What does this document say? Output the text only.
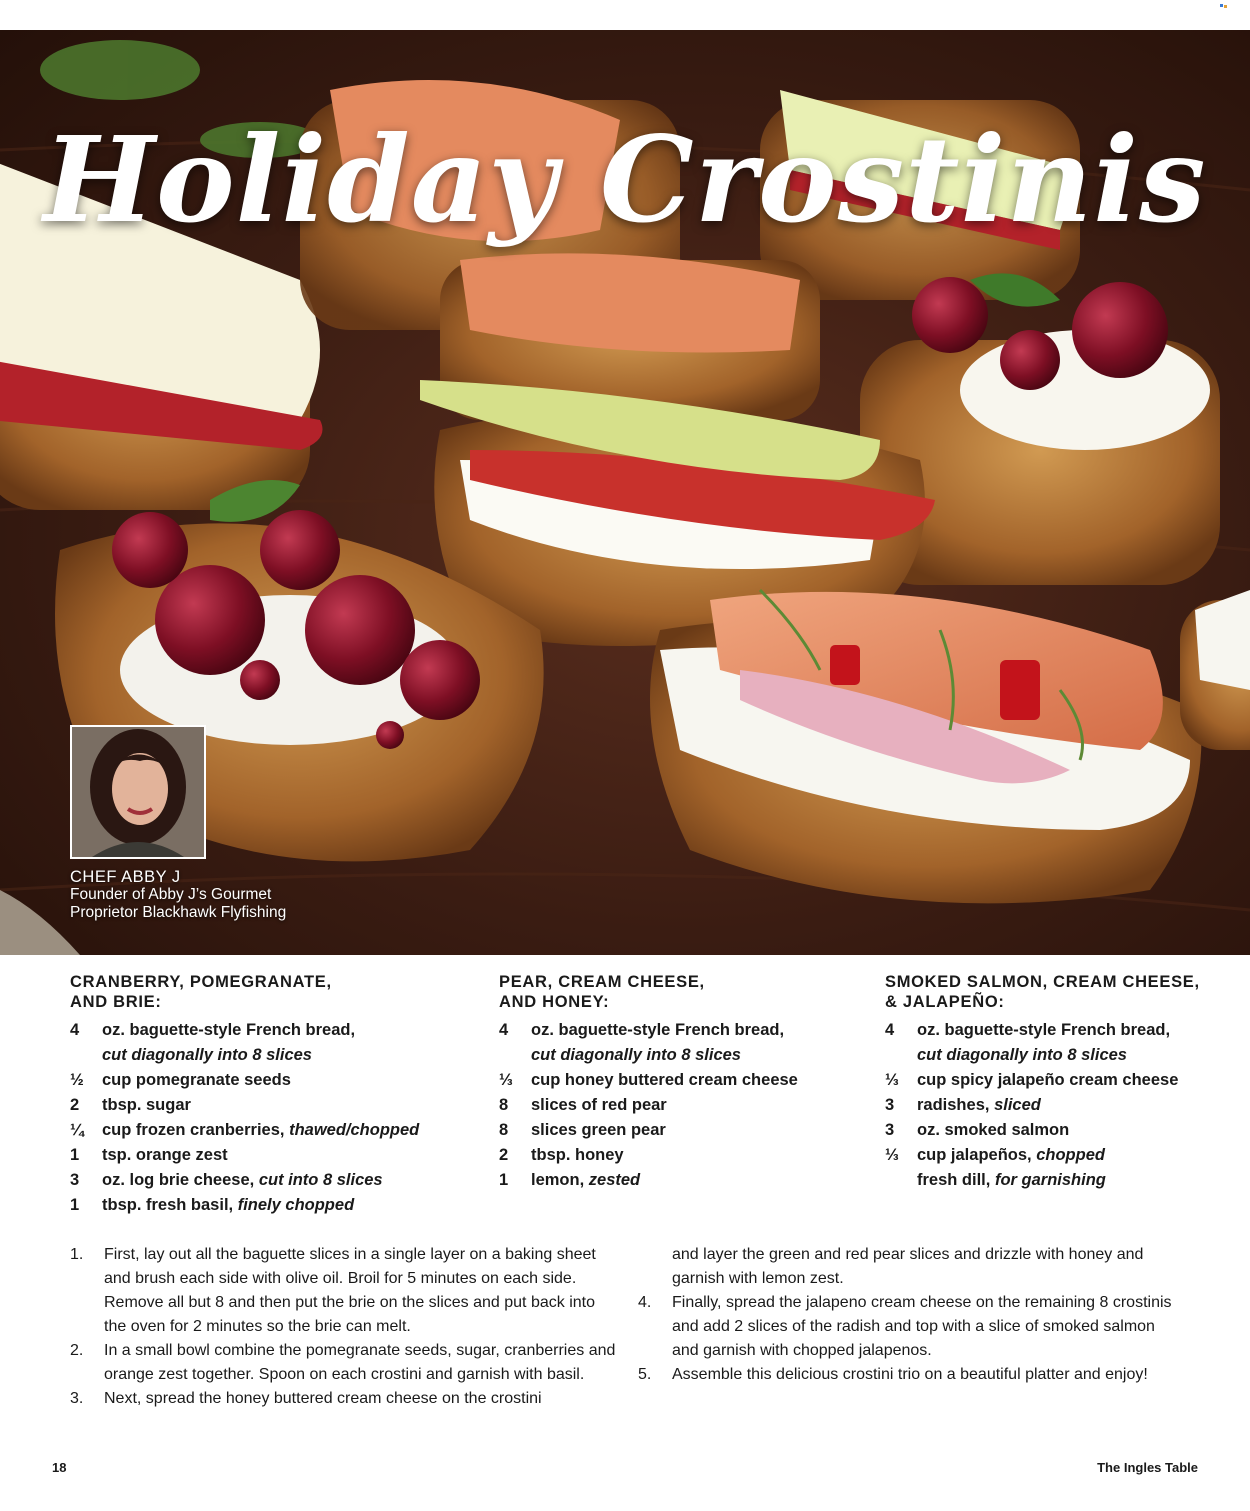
Holiday Crostinis
CHEF ABBY J
Founder of Abby J’s Gourmet
Proprietor Blackhawk Flyfishing
CRANBERRY, POMEGRANATE,
AND BRIE:
4	oz. baguette-style French bread,
cut diagonally into 8 slices
½	cup pomegranate seeds
2	tbsp. sugar
¼	cup frozen cranberries, thawed/chopped
1	tsp. orange zest
3	oz. log brie cheese, cut into 8 slices
1	tbsp. fresh basil, finely chopped
PEAR, CREAM CHEESE,
AND HONEY:
4	oz. baguette-style French bread,
cut diagonally into 8 slices
⅓	cup honey buttered cream cheese
8	slices of red pear
8	slices green pear
2	tbsp. honey
1	lemon, zested
SMOKED SALMON, CREAM CHEESE,
& JALAPEÑO:
4	oz. baguette-style French bread,
cut diagonally into 8 slices
⅓	cup spicy jalapeño cream cheese
3	radishes, sliced
3	oz. smoked salmon
⅓	cup jalapeños, chopped
fresh dill, for garnishing
1.	First, lay out all the baguette slices in a single layer on a baking sheet and brush each side with olive oil. Broil for 5 minutes on each side. Remove all but 8 and then put the brie on the slices and put back into the oven for 2 minutes so the brie can melt.
2.	In a small bowl combine the pomegranate seeds, sugar, cranberries and orange zest together. Spoon on each crostini and garnish with basil.
3.	Next, spread the honey buttered cream cheese on the crostini
and layer the green and red pear slices and drizzle with honey and garnish with lemon zest.
4.	Finally, spread the jalapeno cream cheese on the remaining 8 crostinis and add 2 slices of the radish and top with a slice of smoked salmon and garnish with chopped jalapenos.
5.	Assemble this delicious crostini trio on a beautiful platter and enjoy!
18	The Ingles Table
